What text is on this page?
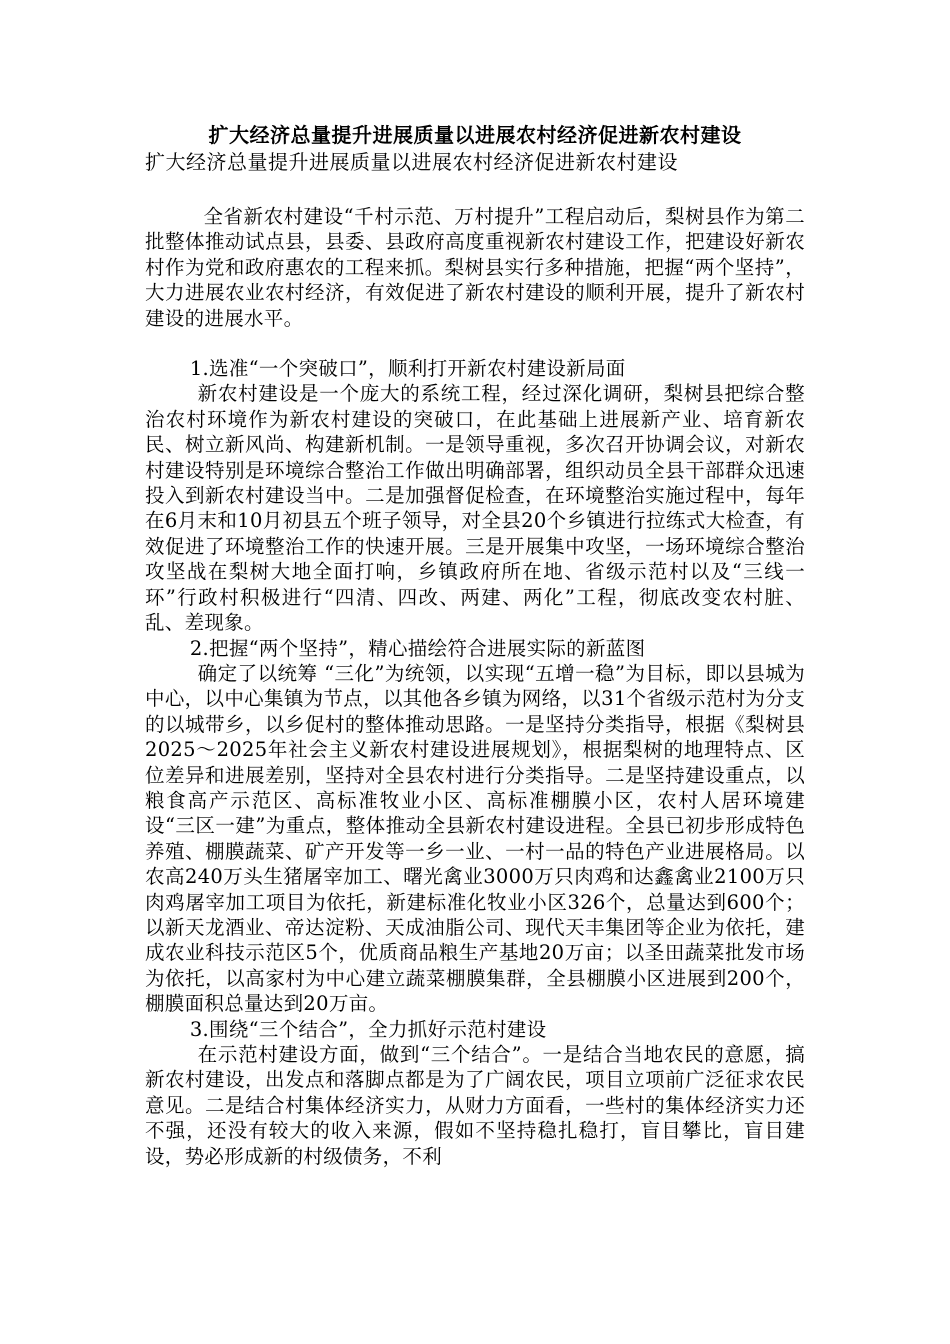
扩大经济总量提升进展质量以进展农村经济促进新农村建设

扩大经济总量提升进展质量以进展农村经济促进新农村建设

全省新农村建设“千村示范、万村提升”工程启动后，梨树县作为第二批整体推动试点县，县委、县政府高度重视新农村建设工作，把建设好新农村作为党和政府惠农的工程来抓。梨树县实行多种措施，把握“两个坚持”，大力进展农业农村经济，有效促进了新农村建设的顺利开展，提升了新农村建设的进展水平。

1.选准“一个突破口”，顺利打开新农村建设新局面

新农村建设是一个庞大的系统工程，经过深化调研，梨树县把综合整治农村环境作为新农村建设的突破口，在此基础上进展新产业、培育新农民、树立新风尚、构建新机制。一是领导重视，多次召开协调会议，对新农村建设特别是环境综合整治工作做出明确部署，组织动员全县干部群众迅速投入到新农村建设当中。二是加强督促检查，在环境整治实施过程中，每年在6月末和10月初县五个班子领导，对全县20个乡镇进行拉练式大检查，有效促进了环境整治工作的快速开展。三是开展集中攻坚，一场环境综合整治攻坚战在梨树大地全面打响，乡镇政府所在地、省级示范村以及“三线一环”行政村积极进行“四清、四改、两建、两化”工程，彻底改变农村脏、乱、差现象。

2.把握“两个坚持”，精心描绘符合进展实际的新蓝图

确定了以统筹 “三化”为统领，以实现“五增一稳”为目标，即以县城为中心，以中心集镇为节点，以其他各乡镇为网络，以31个省级示范村为分支的以城带乡，以乡促村的整体推动思路。一是坚持分类指导，根据《梨树县2025～2025年社会主义新农村建设进展规划》，根据梨树的地理特点、区位差异和进展差别，坚持对全县农村进行分类指导。二是坚持建设重点，以粮食高产示范区、高标准牧业小区、高标准棚膜小区，农村人居环境建设“三区一建”为重点，整体推动全县新农村建设进程。全县已初步形成特色养殖、棚膜蔬菜、矿产开发等一乡一业、一村一品的特色产业进展格局。以农高240万头生猪屠宰加工、曙光禽业3000万只肉鸡和达鑫禽业2100万只肉鸡屠宰加工项目为依托，新建标准化牧业小区326个，总量达到600个；以新天龙酒业、帝达淀粉、天成油脂公司、现代天丰集团等企业为依托，建成农业科技示范区5个，优质商品粮生产基地20万亩；以圣田蔬菜批发市场为依托，以高家村为中心建立蔬菜棚膜集群，全县棚膜小区进展到200个，棚膜面积总量达到20万亩。

3.围绕“三个结合”，全力抓好示范村建设

在示范村建设方面，做到“三个结合”。一是结合当地农民的意愿，搞新农村建设，出发点和落脚点都是为了广阔农民，项目立项前广泛征求农民意见。二是结合村集体经济实力，从财力方面看，一些村的集体经济实力还不强，还没有较大的收入来源，假如不坚持稳扎稳打，盲目攀比，盲目建设，势必形成新的村级债务，不利
